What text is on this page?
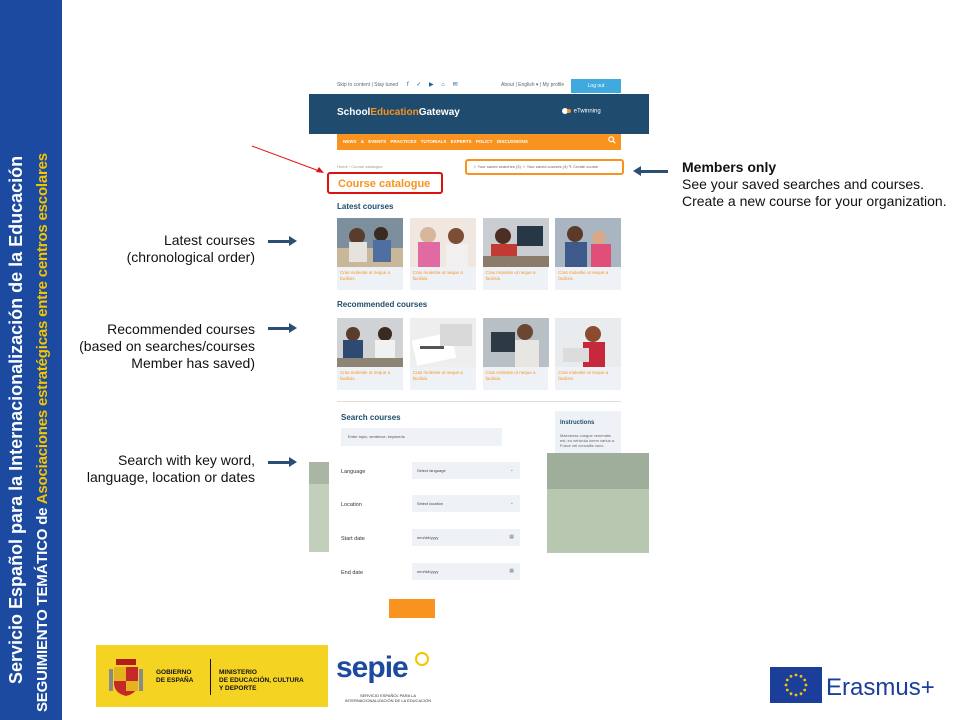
Servicio Español para la Internacionalización de la Educación SEGUIMIENTO TEMÁTICO de Asociaciones estratégicas entre centros escolares
Skip to content | Stay tuned f ✓ ▶ ⌂ ✉	About | English ▾ | My profile	Log out
SchoolEducationGateway	eTwinning
NEWS & EVENTS PRACTICES TUTORIALS EXPERTS POLICY DISCUSSIONS
Home › Course catalogue	☆ Your saved searches (3) ☆ Your saved courses (4) ✎ Create course
Course catalogue
Latest courses
Cras molestie ut neque a facilisis.
Cras molestie ut neque a facilisis.
Cras molestie ut neque a facilisis.
Cras molestie ut neque a facilisis.
Recommended courses
Cras molestie ut neque a facilisis.
Cras molestie ut neque a facilisis.
Cras molestie ut neque a facilisis.
Cras molestie ut neque a facilisis.
Search courses
Enter topic, sentence, keywords
Instructions
Maecenas congue venenatis est, eu vehicula lorem varius a. Fusce vel convallis nunc.
Language	Select language	⌄
Location	Select location	⌄
Start date	mm/dd/yyyy	▦
End date	mm/dd/yyyy	▦
Members only
See your saved searches and courses.
Create a new course for your organization.
Latest courses
(chronological order)
Recommended courses
(based on searches/courses
Member has saved)
Search with key word,
language, location or dates
GOBIERNO
DE ESPAÑA
MINISTERIO
DE EDUCACIÓN, CULTURA
Y DEPORTE
sepie
SERVICIO ESPAÑOL PARA LA INTERNACIONALIZACIÓN DE LA EDUCACIÓN	Erasmus+
